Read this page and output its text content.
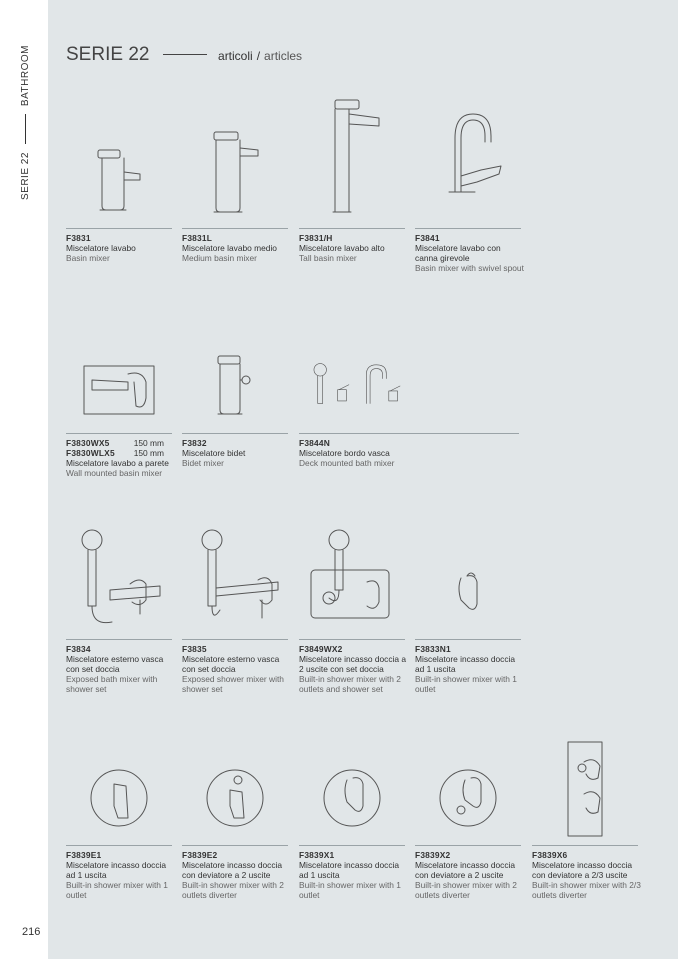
SERIE 22BATHROOM
216
SERIE 22	articoli / articles
F3831
Miscelatore lavabo
Basin mixer
F3831L
Miscelatore lavabo medio
Medium basin mixer
F3831/H
Miscelatore lavabo alto
Tall basin mixer
F3841
Miscelatore lavabo con canna girevole
Basin mixer with swivel spout
F3830WX5	150 mm
F3830WLX5 150 mm
Miscelatore lavabo a parete
Wall mounted basin mixer
F3832
Miscelatore bidet
Bidet mixer
F3844N
Miscelatore bordo vasca
Deck mounted bath mixer
F3834
Miscelatore esterno vasca con set doccia
Exposed bath mixer with shower set
F3835
Miscelatore esterno vasca con set doccia
Exposed shower mixer with shower set
F3849WX2
Miscelatore incasso doccia a 2 uscite con set doccia
Built-in shower mixer with 2 outlets and shower set
F3833N1
Miscelatore incasso doccia ad 1 uscita
Built-in shower mixer with 1 outlet
F3839E1
Miscelatore incasso doccia ad 1 uscita
Built-in shower mixer with 1 outlet
F3839E2
Miscelatore incasso doccia con deviatore a 2 uscite
Built-in shower mixer with 2 outlets diverter
F3839X1
Miscelatore incasso doccia ad 1 uscita
Built-in shower mixer with 1 outlet
F3839X2
Miscelatore incasso doccia con deviatore a 2 uscite
Built-in shower mixer with 2 outlets diverter
F3839X6
Miscelatore incasso doccia con deviatore a 2/3 uscite
Built-in shower mixer with 2/3 outlets diverter
